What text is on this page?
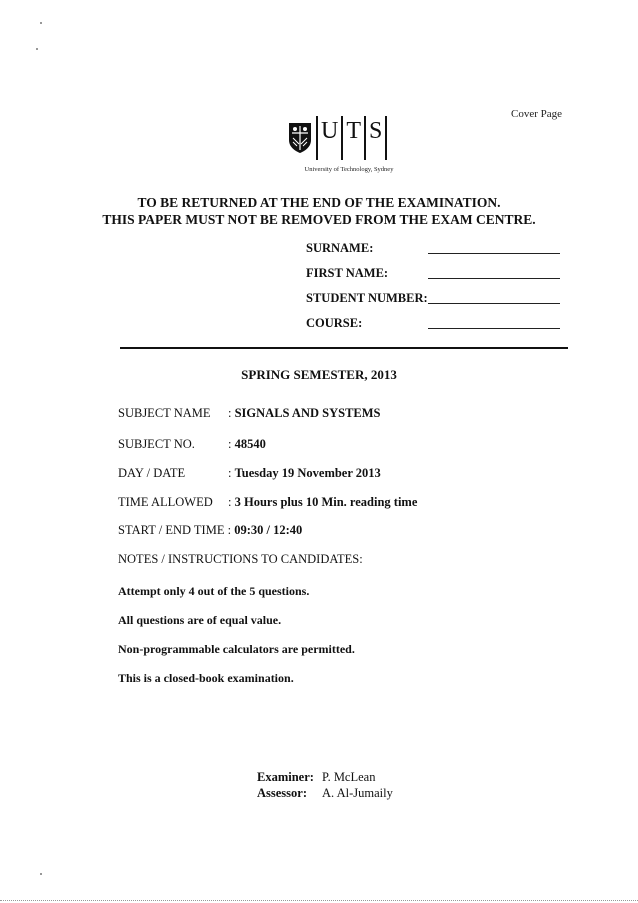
Cover Page
U T S
University of Technology, Sydney
TO BE RETURNED AT THE END OF THE EXAMINATION.
THIS PAPER MUST NOT BE REMOVED FROM THE EXAM CENTRE.
SURNAME:
FIRST NAME:
STUDENT NUMBER:
COURSE:
SPRING SEMESTER, 2013
SUBJECT NAME : SIGNALS AND SYSTEMS
SUBJECT NO.	: 48540
DAY / DATE	: Tuesday 19 November 2013
TIME ALLOWED : 3 Hours plus 10 Min. reading time
START / END TIME : 09:30 / 12:40
NOTES / INSTRUCTIONS TO CANDIDATES:
Attempt only 4 out of the 5 questions.
All questions are of equal value.
Non-programmable calculators are permitted.
This is a closed-book examination.
Examiner: P. McLean
Assessor: A. Al-Jumaily
